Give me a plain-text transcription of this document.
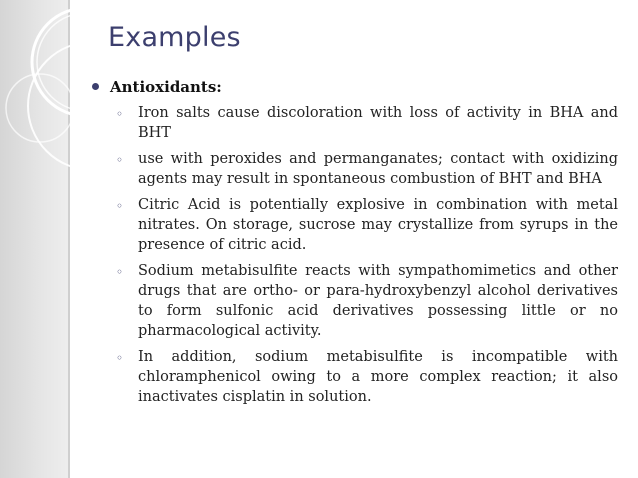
Examples
Antioxidants:
◦	Iron salts cause discoloration with loss of activity in BHA and BHT
◦	use with peroxides and permanganates; contact with oxidizing agents may result in spontaneous combustion of BHT and BHA
◦	Citric Acid is potentially explosive in combination with metal nitrates. On storage, sucrose may crystallize from syrups in the presence of citric acid.
◦	Sodium metabisulfite reacts with sympathomimetics and other drugs that are ortho- or para-hydroxybenzyl alcohol derivatives to form sulfonic acid derivatives possessing little or no pharmacological activity.
◦	In addition, sodium metabisulfite is incompatible with chloramphenicol owing to a more complex reaction; it also inactivates cisplatin in solution.
